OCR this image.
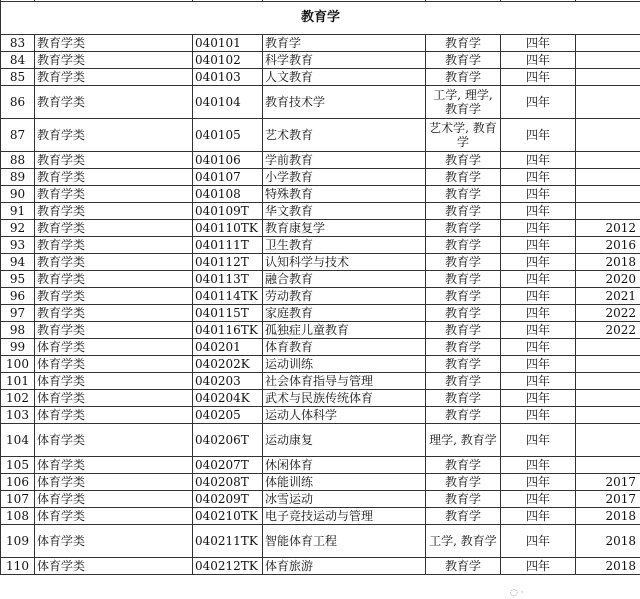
教育学						
83	教育学类	040101	教育学	教育学	四年	
84	教育学类	040102	科学教育	教育学	四年	
85	教育学类	040103	人文教育	教育学	四年	
86	教育学类	040104	教育技术学	工学, 理学, 教育学	四年	
87	教育学类	040105	艺术教育	艺术学, 教育学	四年	
88	教育学类	040106	学前教育	教育学	四年	
89	教育学类	040107	小学教育	教育学	四年	
90	教育学类	040108	特殊教育	教育学	四年	
91	教育学类	040109T	华文教育	教育学	四年	
92	教育学类	040110TK	教育康复学	教育学	四年	2012
93	教育学类	040111T	卫生教育	教育学	四年	2016
94	教育学类	040112T	认知科学与技术	教育学	四年	2018
95	教育学类	040113T	融合教育	教育学	四年	2020
96	教育学类	040114TK	劳动教育	教育学	四年	2021
97	教育学类	040115T	家庭教育	教育学	四年	2022
98	教育学类	040116TK	孤独症儿童教育	教育学	四年	2022
99	体育学类	040201	体育教育	教育学	四年	
100	体育学类	040202K	运动训练	教育学	四年	
101	体育学类	040203	社会体育指导与管理	教育学	四年	
102	体育学类	040204K	武术与民族传统体育	教育学	四年	
103	体育学类	040205	运动人体科学	教育学	四年	
104	体育学类	040206T	运动康复	理学, 教育学	四年	
105	体育学类	040207T	休闲体育	教育学	四年	
106	体育学类	040208T	体能训练	教育学	四年	2017
107	体育学类	040209T	冰雪运动	教育学	四年	2017
108	体育学类	040210TK	电子竞技运动与管理	教育学	四年	2018
109	体育学类	040211TK	智能体育工程	工学, 教育学	四年	2018
110	体育学类	040212TK	体育旅游	教育学	四年	2018
◌ ·
